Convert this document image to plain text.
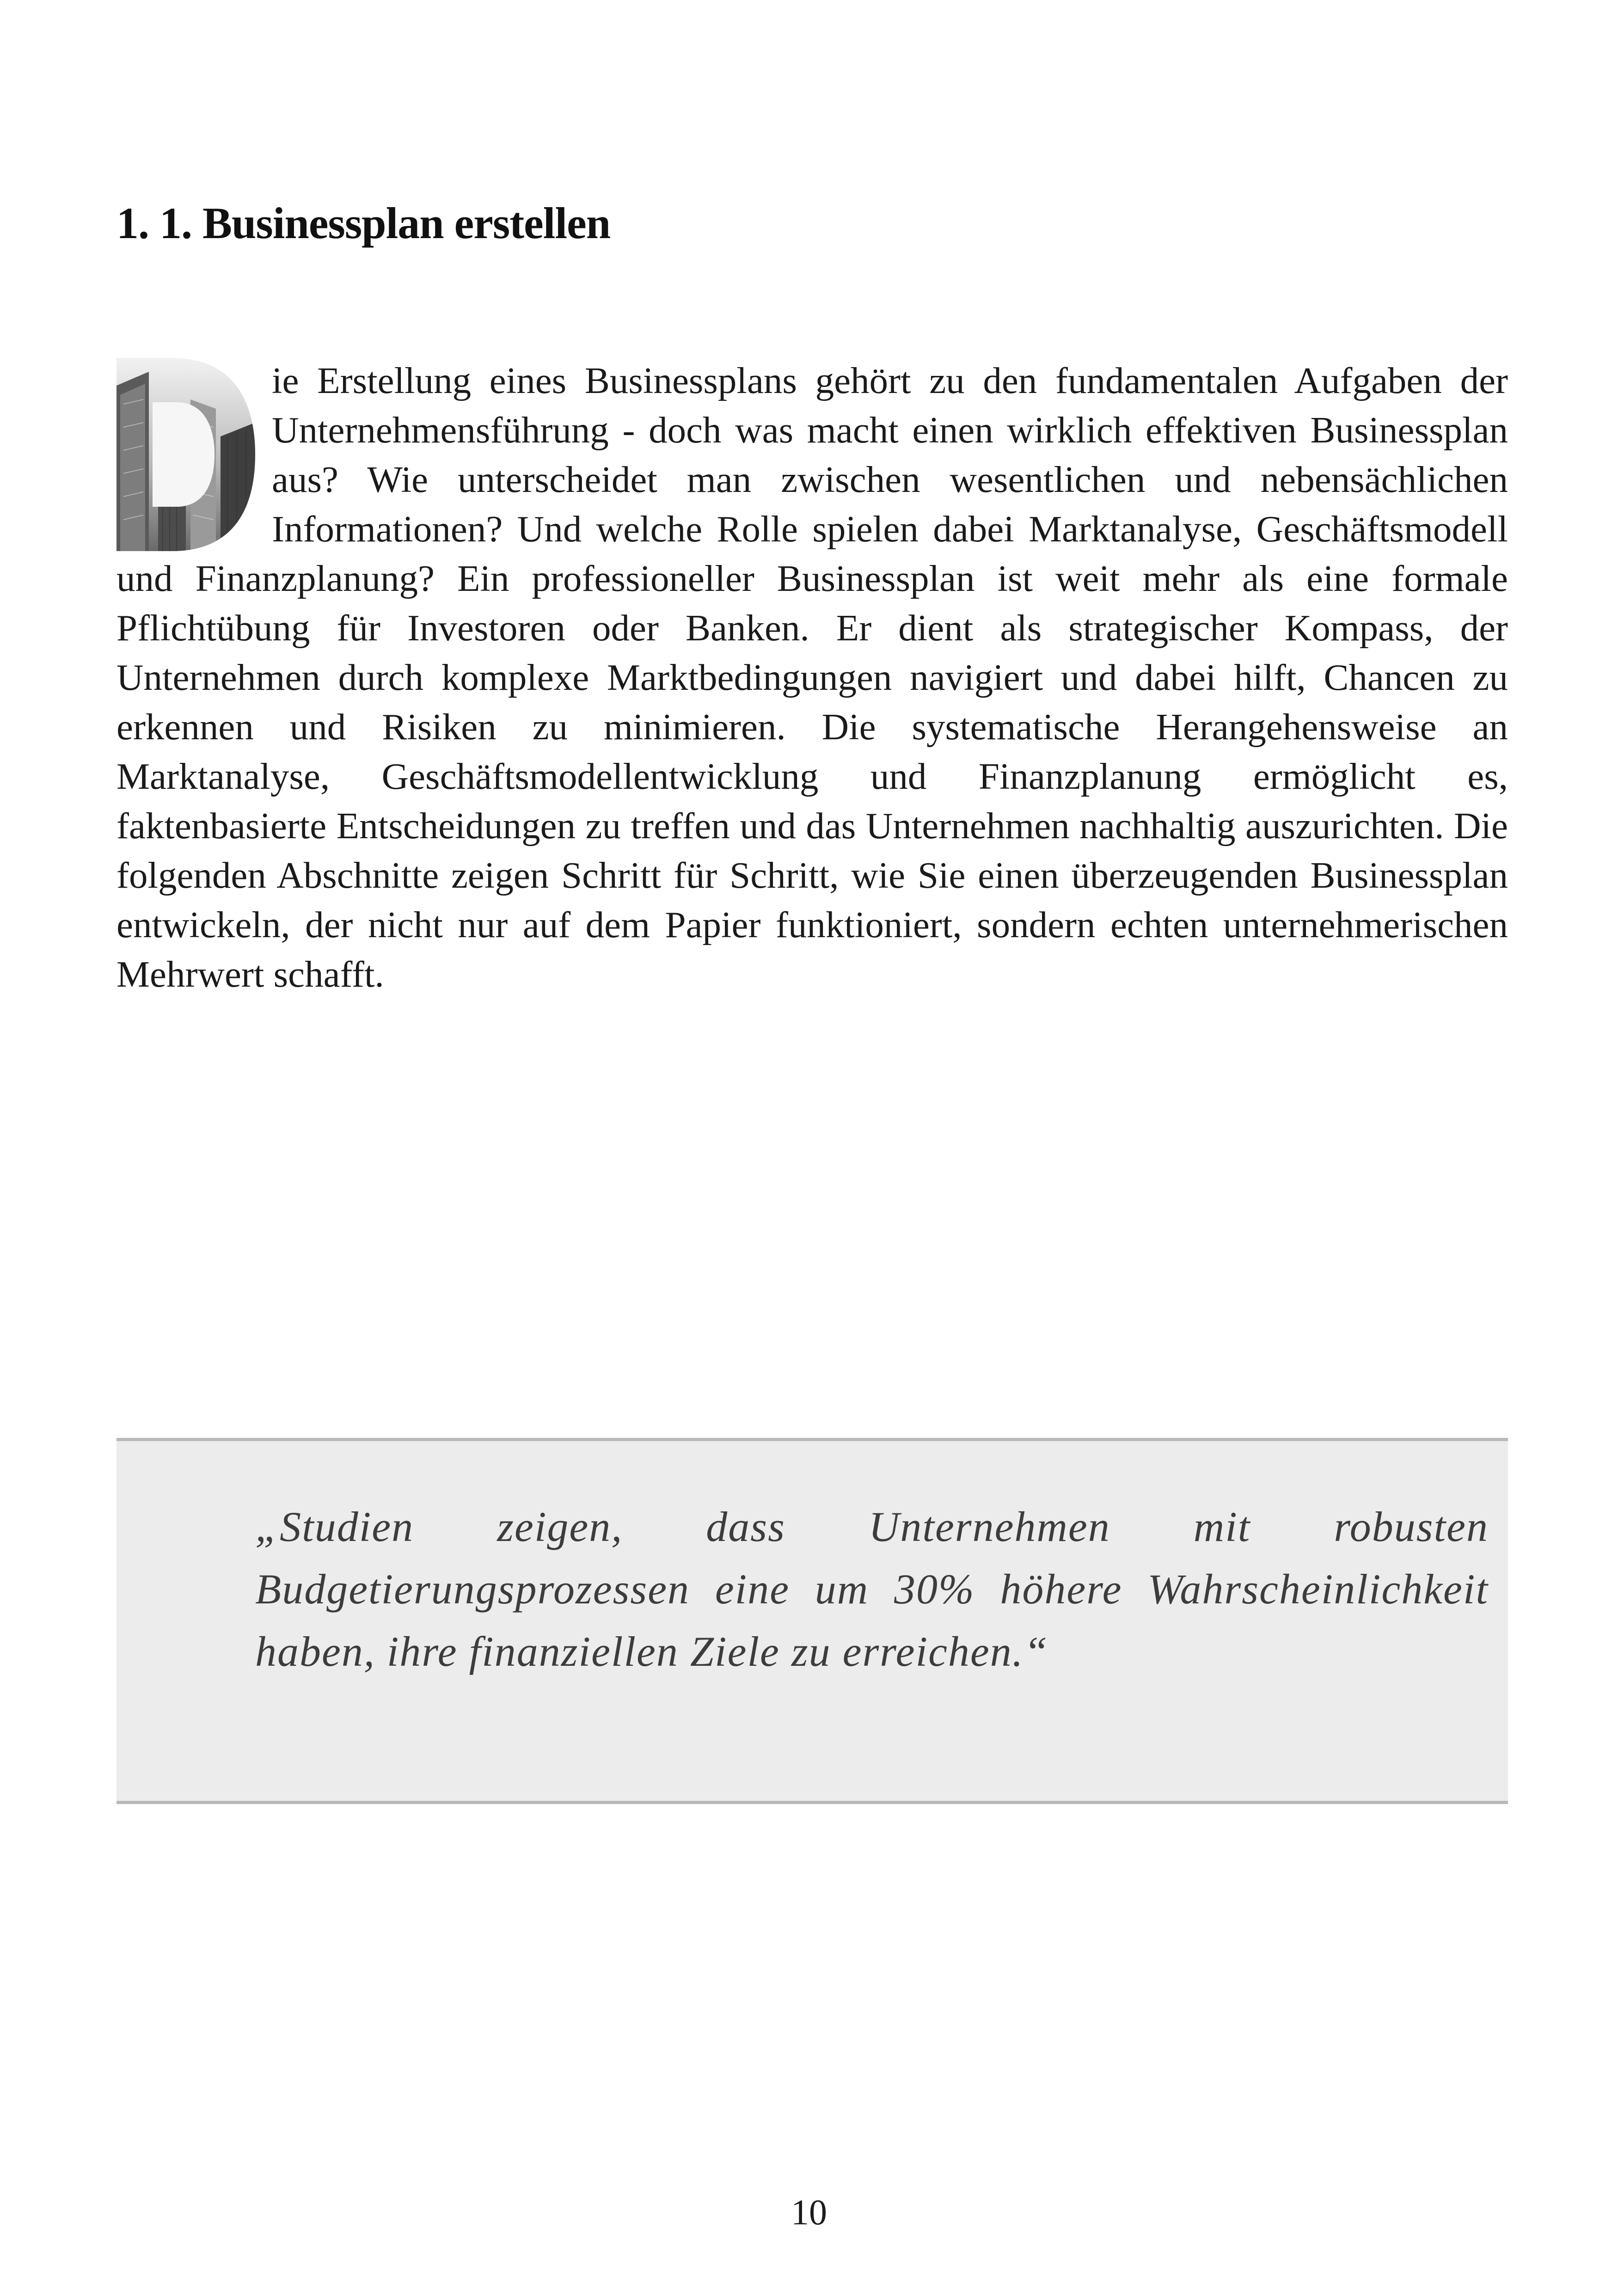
1. 1. Businessplan erstellen
ie Erstellung eines Businessplans gehört zu den fundamentalen Aufgaben der Unternehmensführung - doch was macht einen wirklich effektiven Businessplan aus? Wie unterscheidet man zwischen wesentlichen und nebensächlichen Informationen? Und welche Rolle spielen dabei Marktanalyse, Geschäftsmodell und Finanzplanung? Ein professioneller Businessplan ist weit mehr als eine formale Pflichtübung für Investoren oder Banken. Er dient als strategischer Kompass, der Unternehmen durch komplexe Marktbedingungen navigiert und dabei hilft, Chancen zu erkennen und Risiken zu minimieren. Die systematische Herangehensweise an Marktanalyse, Geschäftsmodellentwicklung und Finanzplanung ermöglicht es, faktenbasierte Entscheidungen zu treffen und das Unternehmen nachhaltig auszurichten. Die folgenden Abschnitte zeigen Schritt für Schritt, wie Sie einen überzeugenden Businessplan entwickeln, der nicht nur auf dem Papier funktioniert, sondern echten unternehmerischen Mehrwert schafft.

„Studien zeigen, dass Unternehmen mit robusten Budgetierungsprozessen eine um 30% höhere Wahrscheinlichkeit haben, ihre finanziellen Ziele zu erreichen.“

10
